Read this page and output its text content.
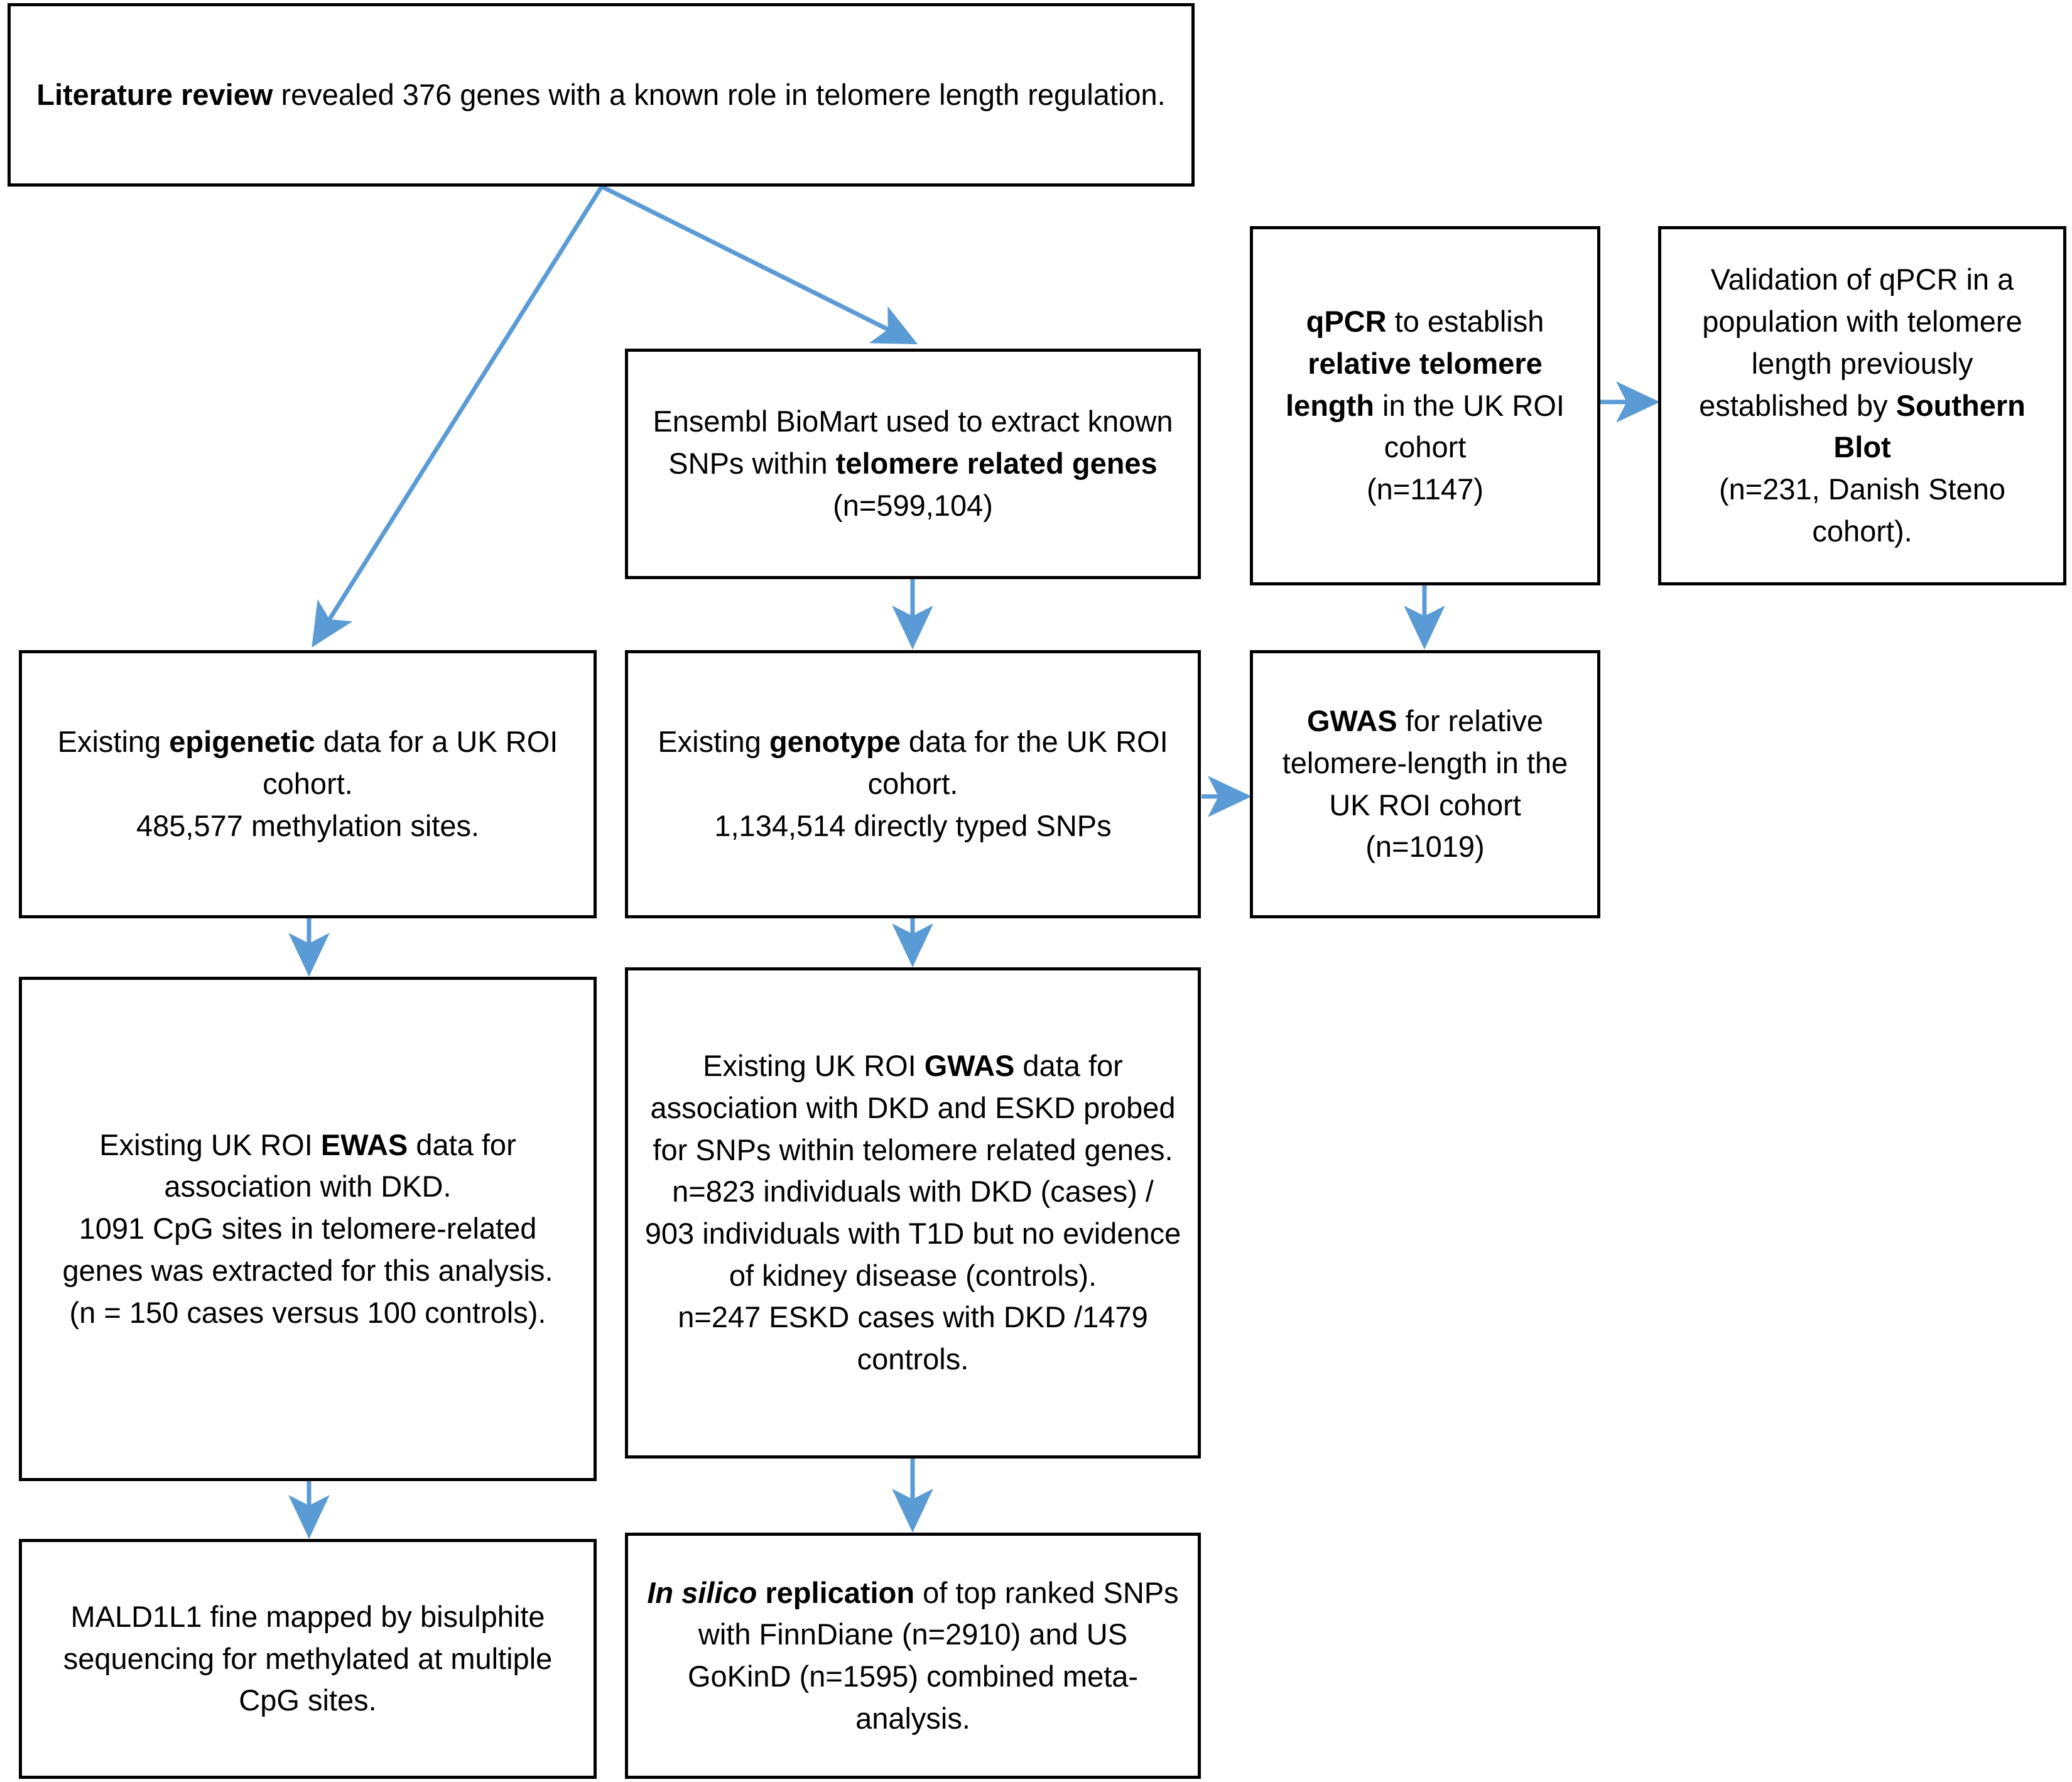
Literature review revealed 376 genes with a known role in telomere length regulation.

Ensembl BioMart used to extract known SNPs within telomere related genes (n=599,104)

qPCR to establish relative telomere length in the UK ROI cohort
(n=1147)

Validation of qPCR in a population with telomere length previously established by Southern Blot
(n=231, Danish Steno cohort).

Existing epigenetic data for a UK ROI cohort.
485,577 methylation sites.

Existing genotype data for the UK ROI cohort.
1,134,514 directly typed SNPs

GWAS for relative telomere-length in the UK ROI cohort
(n=1019)

Existing UK ROI EWAS data for association with DKD.
1091 CpG sites in telomere-related genes was extracted for this analysis.
(n = 150 cases versus 100 controls).

Existing UK ROI GWAS data for association with DKD and ESKD probed for SNPs within telomere related genes.
n=823 individuals with DKD (cases) / 903 individuals with T1D but no evidence of kidney disease (controls).
n=247 ESKD cases with DKD /1479 controls.

MALD1L1 fine mapped by bisulphite sequencing for methylated at multiple CpG sites.

In silico replication of top ranked SNPs with FinnDiane (n=2910) and US GoKinD (n=1595) combined meta-analysis.
